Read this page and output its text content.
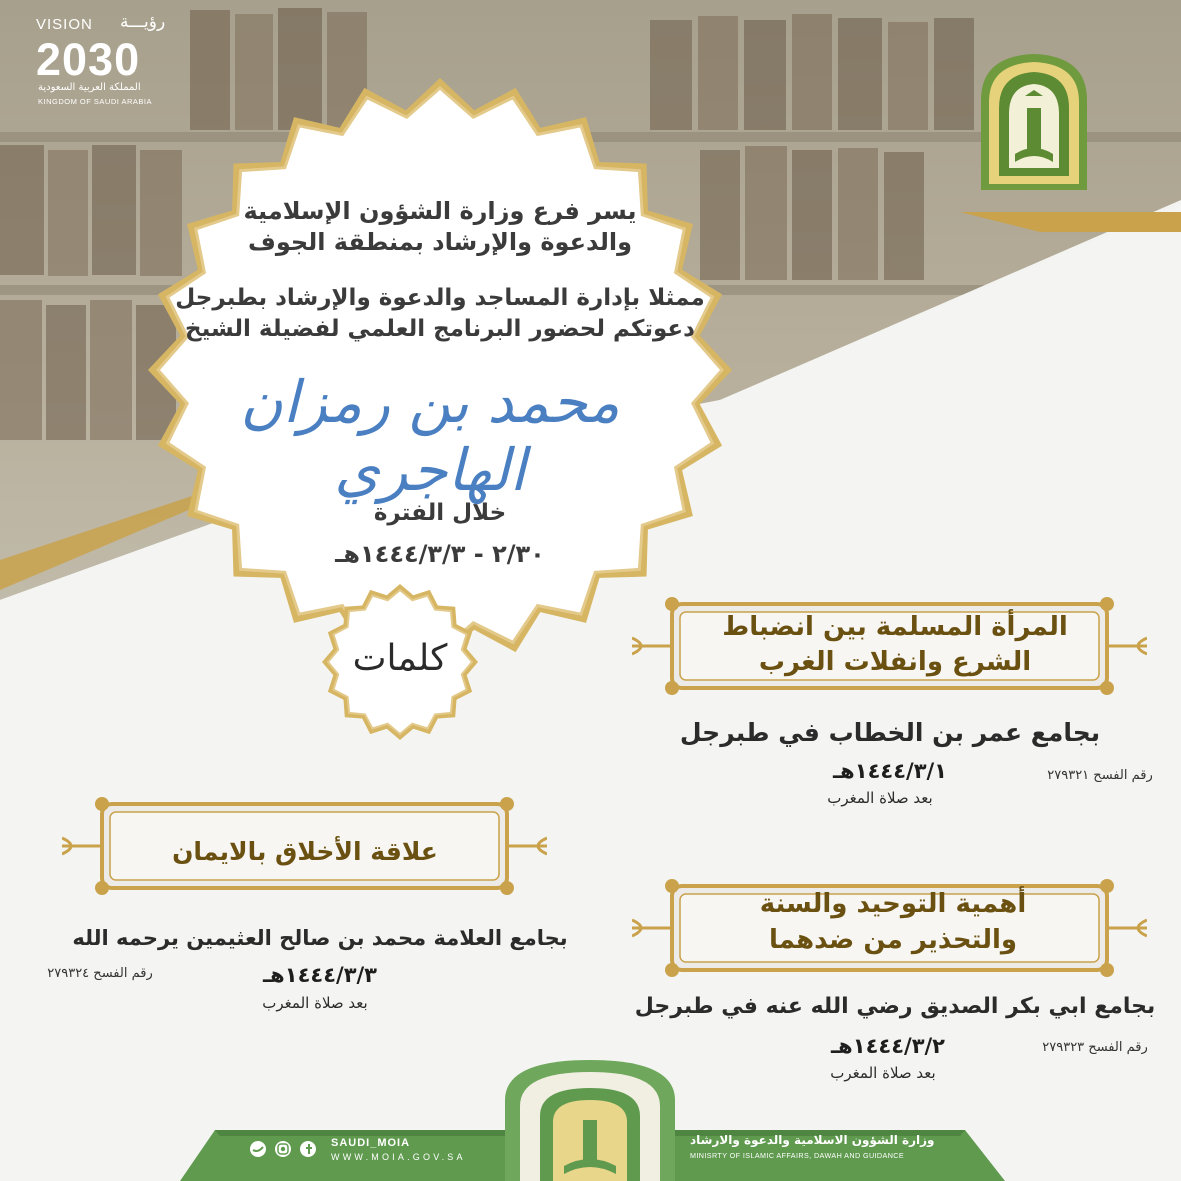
VISION رؤيـــة
2030
المملكة العربية السعودية
KINGDOM OF SAUDI ARABIA
يسر فرع وزارة الشؤون الإسلامية
والدعوة والإرشاد بمنطقة الجوف
ممثلا بإدارة المساجد والدعوة والإرشاد بطبرجل
دعوتكم لحضور البرنامج العلمي لفضيلة الشيخ
محمد بن رمزان الهاجري
خلال الفترة
٢/٣٠ - ١٤٤٤/٣/٣هـ
كلمات
المرأة المسلمة بين انضباط
الشرع وانفلات الغرب
بجامع عمر بن الخطاب في طبرجل
١٤٤٤/٣/١هـ
بعد صلاة المغرب
رقم الفسح ٢٧٩٣٢١
علاقة الأخلاق بالايمان
بجامع العلامة محمد بن صالح العثيمين يرحمه الله
١٤٤٤/٣/٣هـ
بعد صلاة المغرب
رقم الفسح ٢٧٩٣٢٤
أهمية التوحيد والسنة
والتحذير من ضدهما
بجامع ابي بكر الصديق رضي الله عنه في طبرجل
١٤٤٤/٣/٢هـ
بعد صلاة المغرب
رقم الفسح ٢٧٩٣٢٣
SAUDI_MOIA
WWW.MOIA.GOV.SA
وزارة الشؤون الاسلامية والدعوة والارشاد
MINISRTY OF ISLAMIC AFFAIRS, DAWAH AND GUIDANCE
